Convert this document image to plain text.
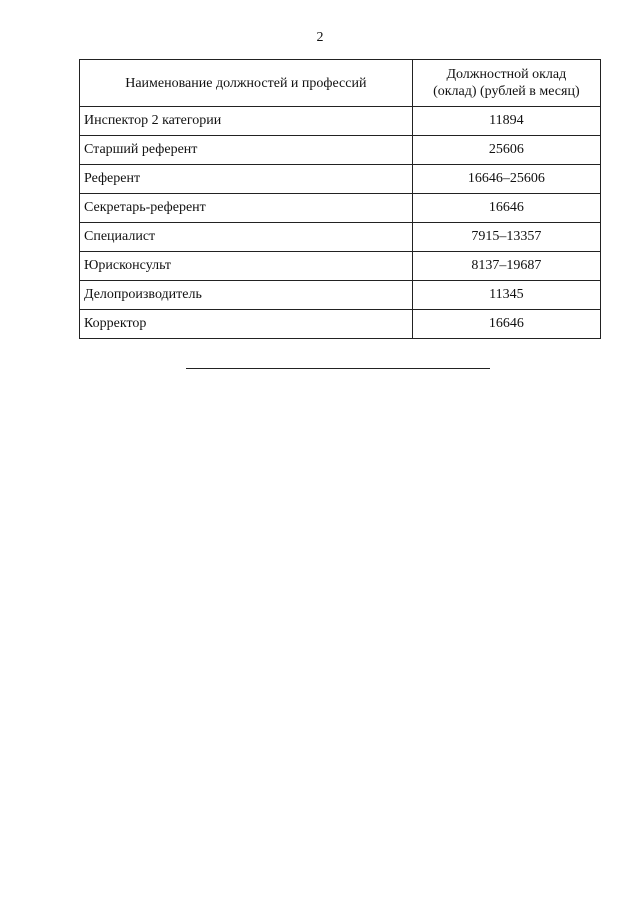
2
Наименование должностей и профессий	Должностной оклад
(оклад) (рублей в месяц)
Инспектор 2 категории	11894
Старший референт	25606
Референт	16646–25606
Секретарь-референт	16646
Специалист	7915–13357
Юрисконсульт	8137–19687
Делопроизводитель	11345
Корректор	16646
